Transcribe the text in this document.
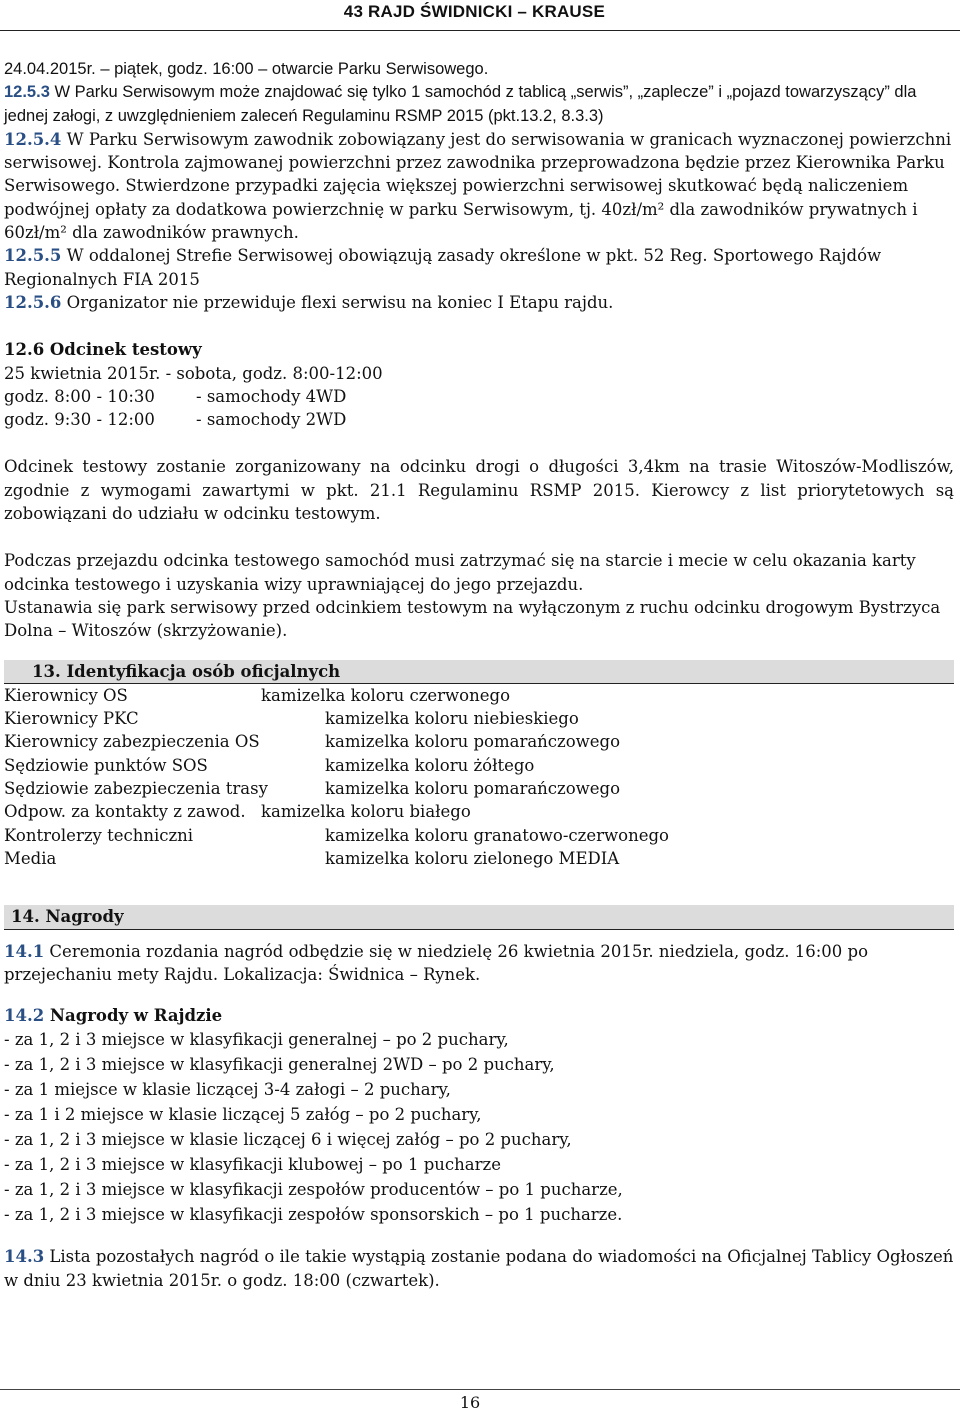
43 RAJD ŚWIDNICKI – KRAUSE

24.04.2015r. – piątek, godz. 16:00 – otwarcie Parku Serwisowego.

12.5.3 W Parku Serwisowym może znajdować się tylko 1 samochód z tablicą „serwis”, „zaplecze” i „pojazd towarzyszący” dla jednej załogi, z uwzględnieniem zaleceń Regulaminu RSMP 2015 (pkt.13.2, 8.3.3)

12.5.4 W Parku Serwisowym zawodnik zobowiązany jest do serwisowania w granicach wyznaczonej powierzchni serwisowej. Kontrola zajmowanej powierzchni przez zawodnika przeprowadzona będzie przez Kierownika Parku Serwisowego. Stwierdzone przypadki zajęcia większej powierzchni serwisowej skutkować będą naliczeniem podwójnej opłaty za dodatkowa powierzchnię w parku Serwisowym, tj. 40zł/m² dla zawodników prywatnych i 60zł/m² dla zawodników prawnych.

12.5.5 W oddalonej Strefie Serwisowej obowiązują zasady określone w pkt. 52 Reg. Sportowego Rajdów Regionalnych FIA 2015

12.5.6 Organizator nie przewiduje flexi serwisu na koniec I Etapu rajdu.

12.6 Odcinek testowy

25 kwietnia 2015r. - sobota, godz. 8:00-12:00

godz. 8:00 - 10:30 - samochody 4WD
godz. 9:30 - 12:00 - samochody 2WD

Odcinek testowy zostanie zorganizowany na odcinku drogi o długości 3,4km na trasie Witoszów-Modliszów, zgodnie z wymogami zawartymi w pkt. 21.1 Regulaminu RSMP 2015. Kierowcy z list priorytetowych są zobowiązani do udziału w odcinku testowym.

Podczas przejazdu odcinka testowego samochód musi zatrzymać się na starcie i mecie w celu okazania karty odcinka testowego i uzyskania wizy uprawniającej do jego przejazdu.

Ustanawia się park serwisowy przed odcinkiem testowym na wyłączonym z ruchu odcinku drogowym Bystrzyca Dolna – Witoszów (skrzyżowanie).

13. Identyfikacja osób oficjalnych

Kierownicy OS	kamizelka koloru czerwonego
Kierownicy PKC	kamizelka koloru niebieskiego
Kierownicy zabezpieczenia OS	kamizelka koloru pomarańczowego
Sędziowie punktów SOS	kamizelka koloru żółtego
Sędziowie zabezpieczenia trasy	kamizelka koloru pomarańczowego
Odpow. za kontakty z zawod. kamizelka koloru białego
Kontrolerzy techniczni	kamizelka koloru granatowo-czerwonego
Media	kamizelka koloru zielonego MEDIA

14. Nagrody

14.1 Ceremonia rozdania nagród odbędzie się w niedzielę 26 kwietnia 2015r. niedziela, godz. 16:00 po przejechaniu mety Rajdu. Lokalizacja: Świdnica – Rynek.

14.2 Nagrody w Rajdzie

- za 1, 2 i 3 miejsce w klasyfikacji generalnej – po 2 puchary,

- za 1, 2 i 3 miejsce w klasyfikacji generalnej 2WD – po 2 puchary,

- za 1 miejsce w klasie liczącej 3-4 załogi – 2 puchary,

- za 1 i 2 miejsce w klasie liczącej 5 załóg – po 2 puchary,

- za 1, 2 i 3 miejsce w klasie liczącej 6 i więcej załóg – po 2 puchary,

- za 1, 2 i 3 miejsce w klasyfikacji klubowej – po 1 pucharze

- za 1, 2 i 3 miejsce w klasyfikacji zespołów producentów – po 1 pucharze,

- za 1, 2 i 3 miejsce w klasyfikacji zespołów sponsorskich – po 1 pucharze.

14.3 Lista pozostałych nagród o ile takie wystąpią zostanie podana do wiadomości na Oficjalnej Tablicy Ogłoszeń w dniu 23 kwietnia 2015r. o godz. 18:00 (czwartek).

16
